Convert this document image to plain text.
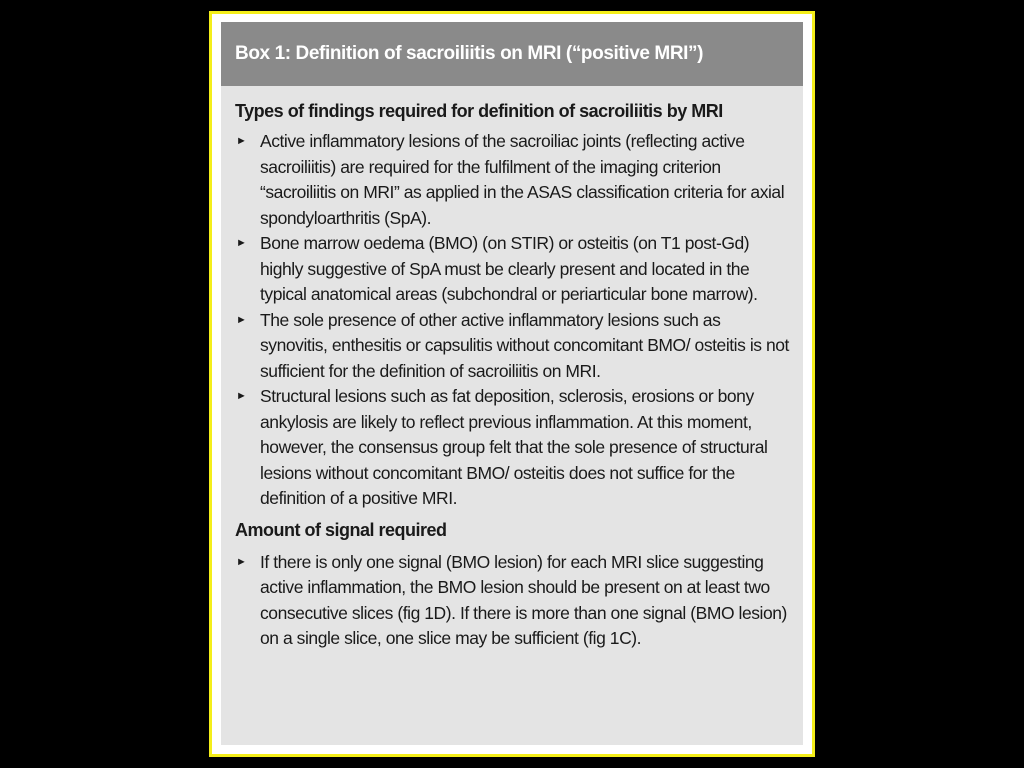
Box 1: Definition of sacroiliitis on MRI (“positive MRI”)
Types of findings required for definition of sacroiliitis by MRI
► Active inflammatory lesions of the sacroiliac joints (reflecting active sacroiliitis) are required for the fulfilment of the imaging criterion “sacroiliitis on MRI” as applied in the ASAS classification criteria for axial spondyloarthritis (SpA).
► Bone marrow oedema (BMO) (on STIR) or osteitis (on T1 post-Gd) highly suggestive of SpA must be clearly present and located in the typical anatomical areas (subchondral or periarticular bone marrow).
► The sole presence of other active inflammatory lesions such as synovitis, enthesitis or capsulitis without concomitant BMO/ osteitis is not sufficient for the definition of sacroiliitis on MRI.
► Structural lesions such as fat deposition, sclerosis, erosions or bony ankylosis are likely to reflect previous inflammation. At this moment, however, the consensus group felt that the sole presence of structural lesions without concomitant BMO/ osteitis does not suffice for the definition of a positive MRI.
Amount of signal required
► If there is only one signal (BMO lesion) for each MRI slice suggesting active inflammation, the BMO lesion should be present on at least two consecutive slices (fig 1D). If there is more than one signal (BMO lesion) on a single slice, one slice may be sufficient (fig 1C).
